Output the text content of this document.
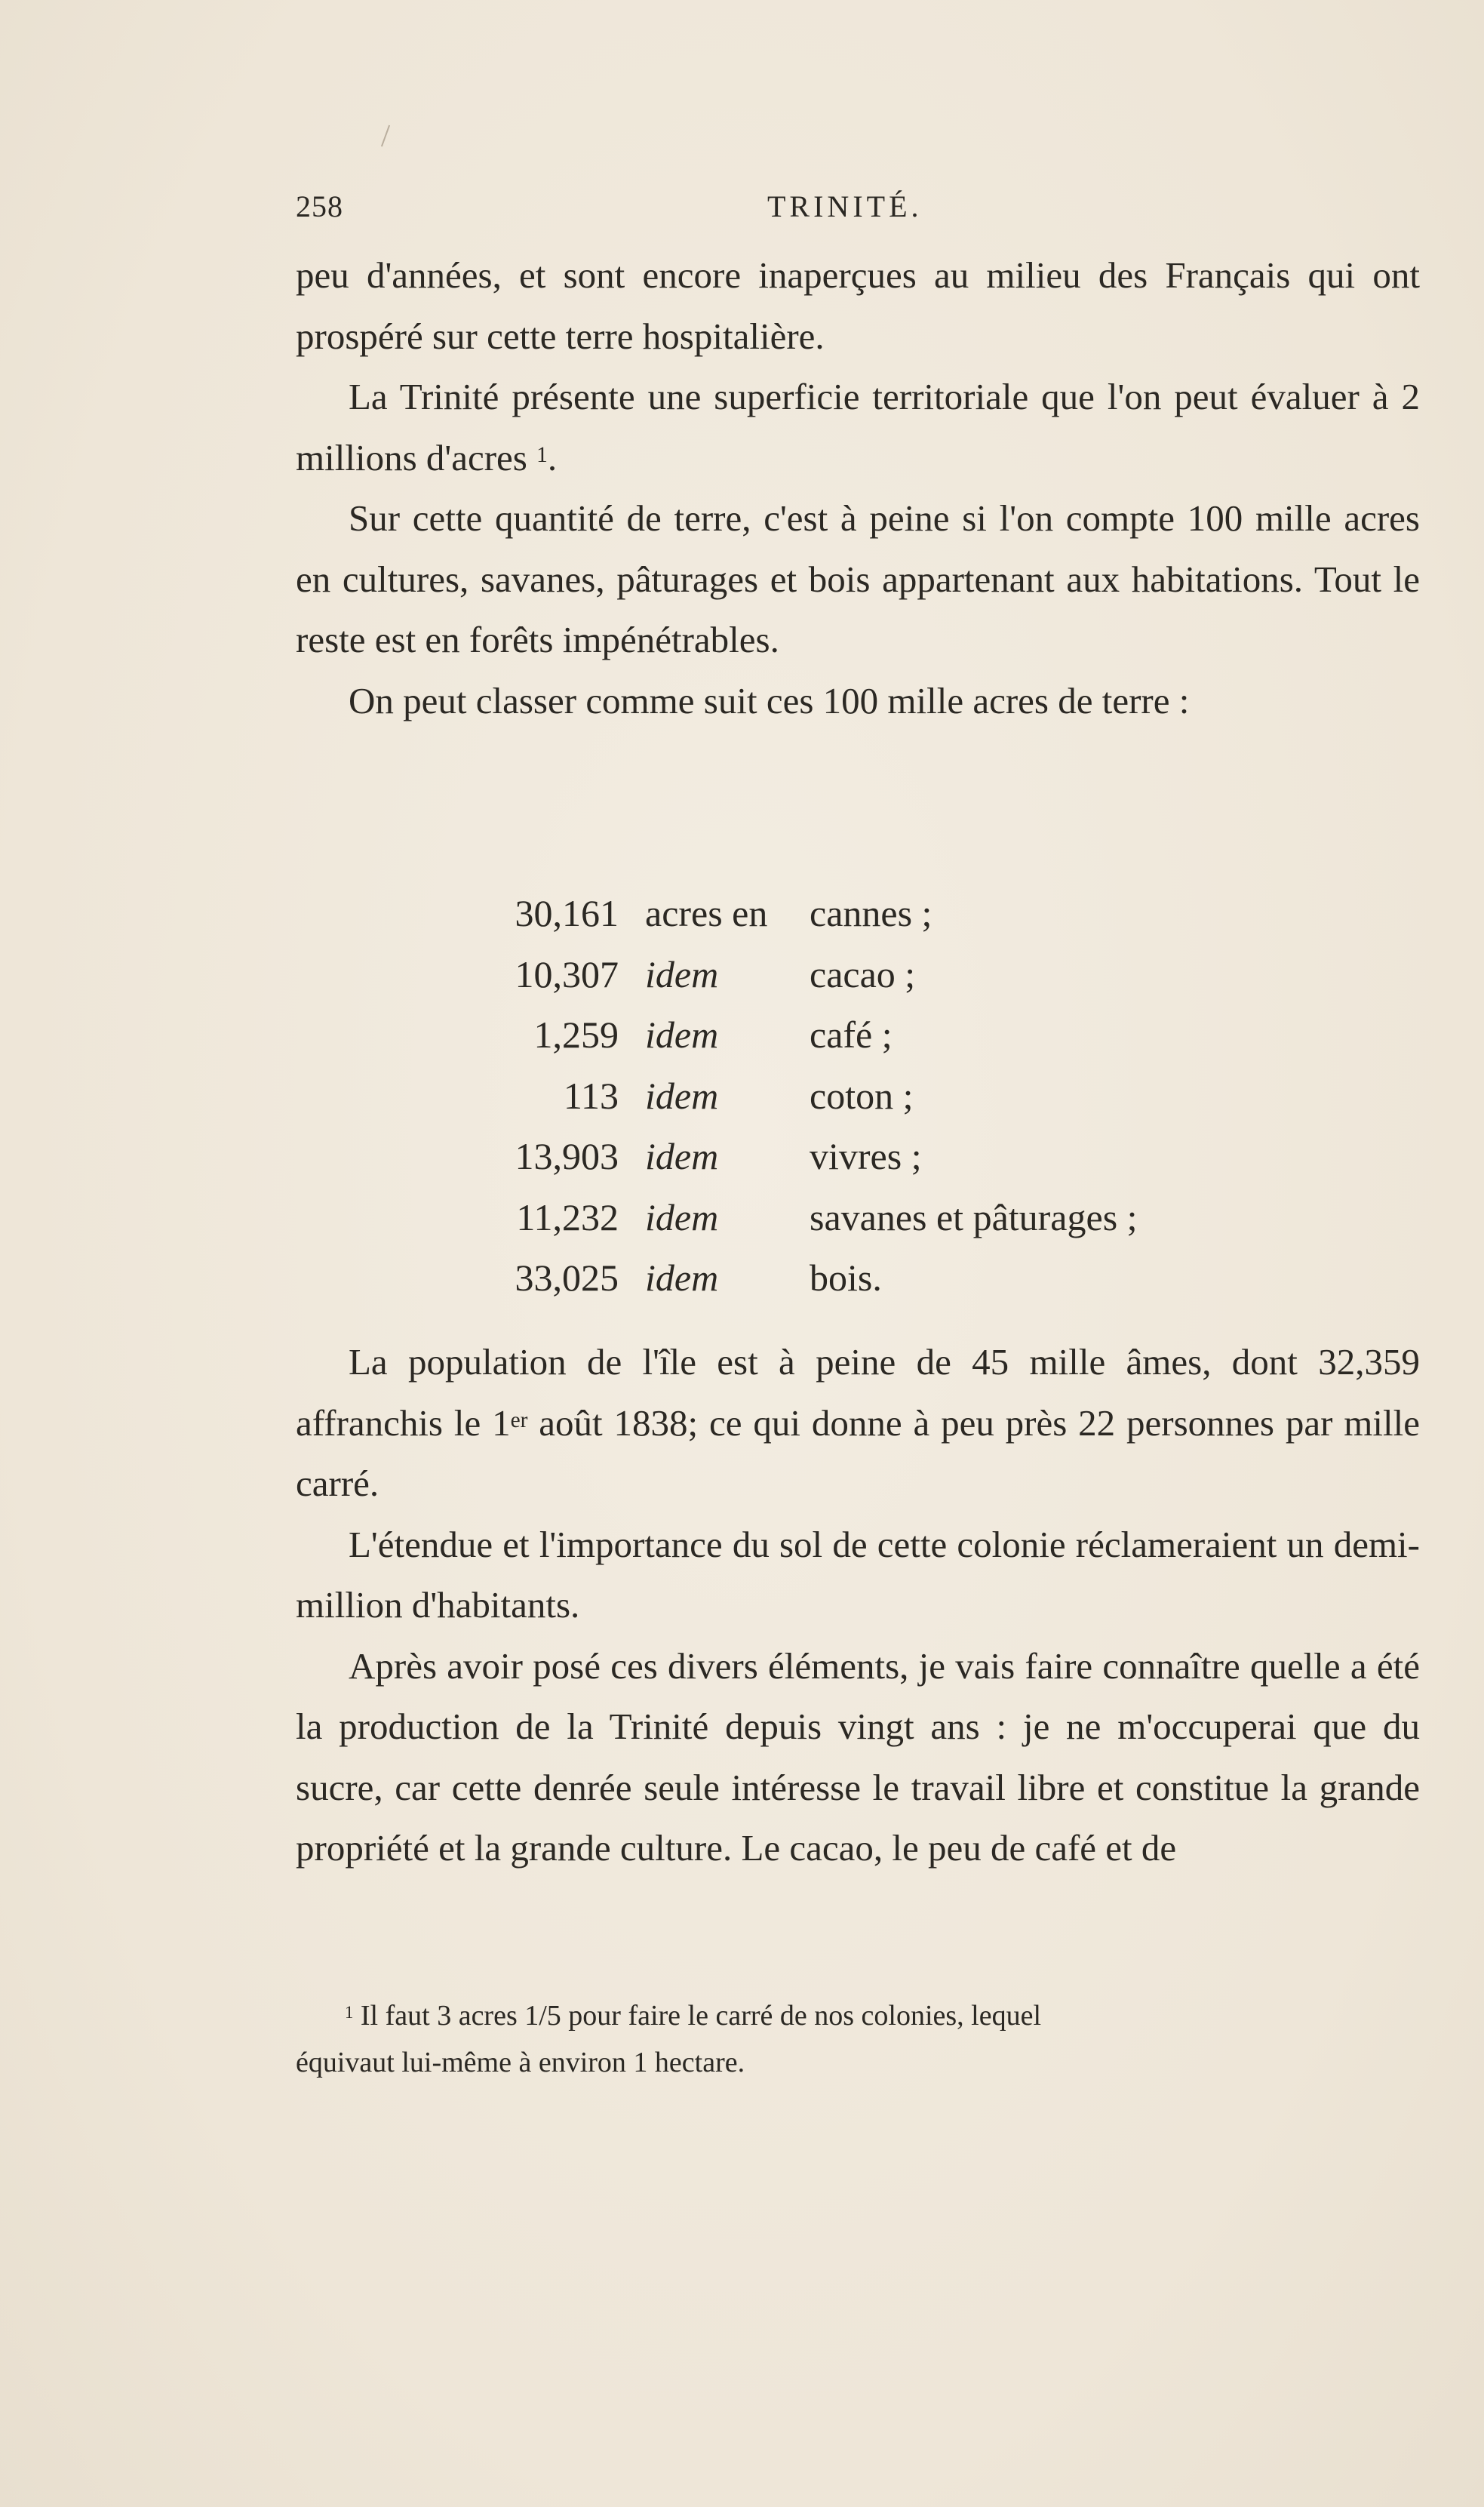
258	TRINITÉ.

peu d'années, et sont encore inaperçues au milieu des Français qui ont prospéré sur cette terre hospitalière.

La Trinité présente une superficie territoriale que l'on peut évaluer à 2 millions d'acres $^1$.

Sur cette quantité de terre, c'est à peine si l'on compte 100 mille acres en cultures, savanes, pâturages et bois appartenant aux habitations. Tout le reste est en forêts impénétrables.

On peut classer comme suit ces 100 mille acres de terre :

30,161 acres en cannes ;
10,307 idem cacao ;
1,259 idem café ;
113 idem coton ;
13,903 idem vivres ;
11,232 idem savanes et pâturages ;
33,025 idem bois.

La population de l'île est à peine de 45 mille âmes, dont 32,359 affranchis le 1er août 1838; ce qui donne à peu près 22 personnes par mille carré.

L'étendue et l'importance du sol de cette colonie réclameraient un demi-million d'habitants.

Après avoir posé ces divers éléments, je vais faire connaître quelle a été la production de la Trinité depuis vingt ans : je ne m'occuperai que du sucre, car cette denrée seule intéresse le travail libre et constitue la grande propriété et la grande culture. Le cacao, le peu de café et de

$^1$ Il faut 3 acres 1/5 pour faire le carré de nos colonies, lequel
équivaut lui-même à environ 1 hectare.
